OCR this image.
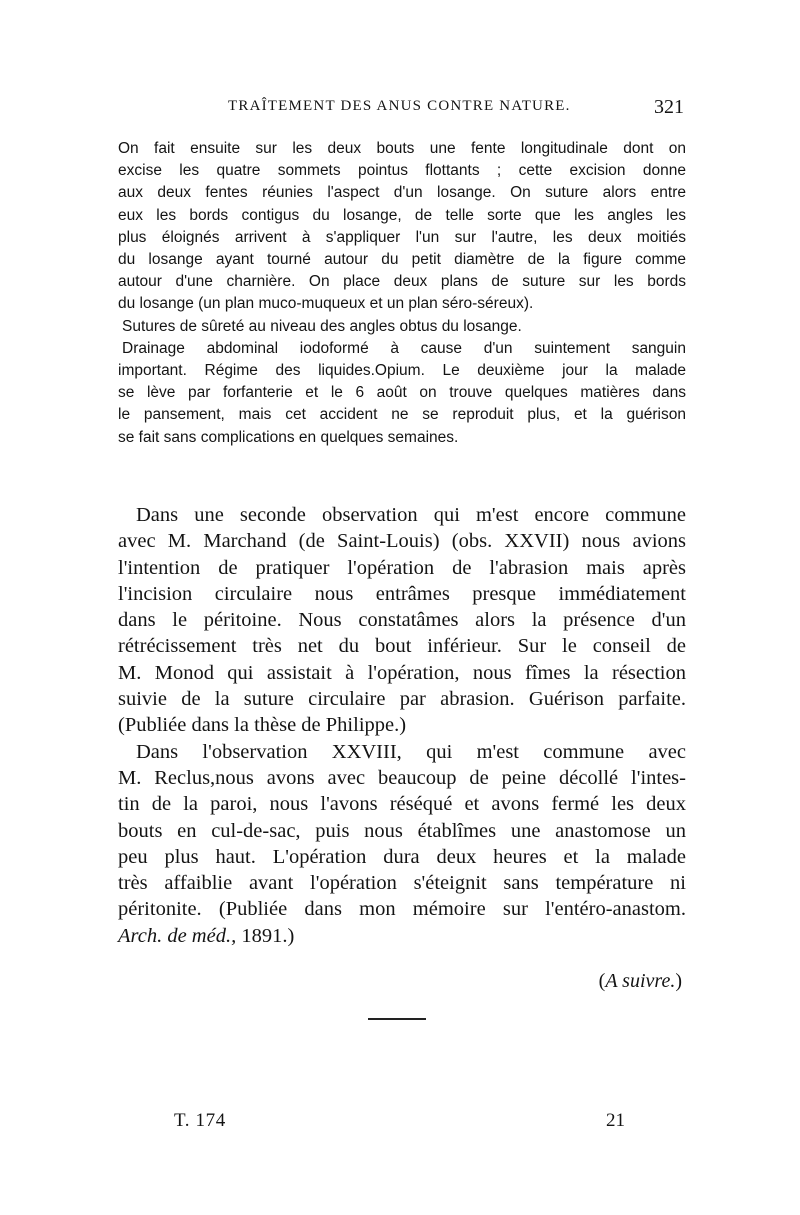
TRAÎTEMENT DES ANUS CONTRE NATURE.	321
On fait ensuite sur les deux bouts une fente longitudinale dont on
excise les quatre sommets pointus flottants ; cette excision donne
aux deux fentes réunies l'aspect d'un losange. On suture alors entre
eux les bords contigus du losange, de telle sorte que les angles les
plus éloignés arrivent à s'appliquer l'un sur l'autre, les deux moitiés
du losange ayant tourné autour du petit diamètre de la figure comme
autour d'une charnière. On place deux plans de suture sur les bords
du losange (un plan muco-muqueux et un plan séro-séreux).
Sutures de sûreté au niveau des angles obtus du losange.
Drainage abdominal iodoformé à cause d'un suintement sanguin
important. Régime des liquides.Opium. Le deuxième jour la malade
se lève par forfanterie et le 6 août on trouve quelques matières dans
le pansement, mais cet accident ne se reproduit plus, et la guérison
se fait sans complications en quelques semaines.
Dans une seconde observation qui m'est encore commune
avec M. Marchand (de Saint-Louis) (obs. XXVII) nous avions
l'intention de pratiquer l'opération de l'abrasion mais après
l'incision circulaire nous entrâmes presque immédiatement
dans le péritoine. Nous constatâmes alors la présence d'un
rétrécissement très net du bout inférieur. Sur le conseil de
M. Monod qui assistait à l'opération, nous fîmes la résection
suivie de la suture circulaire par abrasion. Guérison parfaite.
(Publiée dans la thèse de Philippe.)
Dans l'observation XXVIII, qui m'est commune avec
M. Reclus,nous avons avec beaucoup de peine décollé l'intes-
tin de la paroi, nous l'avons réséqué et avons fermé les deux
bouts en cul-de-sac, puis nous établîmes une anastomose un
peu plus haut. L'opération dura deux heures et la malade
très affaiblie avant l'opération s'éteignit sans température ni
péritonite. (Publiée dans mon mémoire sur l'entéro-anastom.
Arch. de méd., 1891.)
(A suivre.)
T. 174	21
